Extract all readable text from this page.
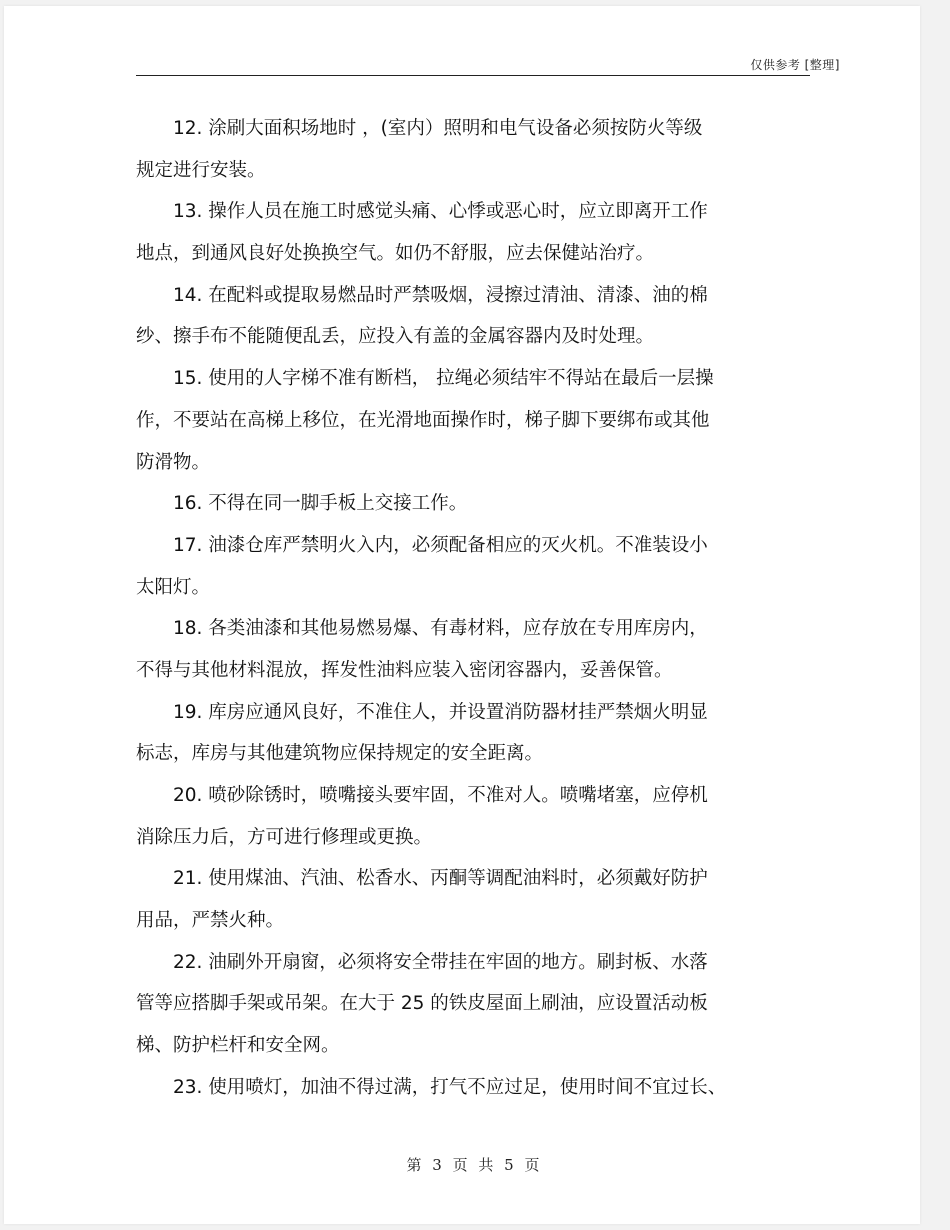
仅供参考 [整理]
　　12. 涂刷大面积场地时 ，(室内）照明和电气设备必须按防火等级
规定进行安装。
　　13. 操作人员在施工时感觉头痛、心悸或恶心时，应立即离开工作
地点，到通风良好处换换空气。如仍不舒服，应去保健站治疗。
　　14. 在配料或提取易燃品时严禁吸烟，浸擦过清油、清漆、油的棉
纱、擦手布不能随便乱丢，应投入有盖的金属容器内及时处理。
　　15. 使用的人字梯不准有断档， 拉绳必须结牢不得站在最后一层操
作，不要站在高梯上移位，在光滑地面操作时，梯子脚下要绑布或其他
防滑物。
　　16. 不得在同一脚手板上交接工作。
　　17. 油漆仓库严禁明火入内，必须配备相应的灭火机。不准装设小
太阳灯。
　　18. 各类油漆和其他易燃易爆、有毒材料，应存放在专用库房内，
不得与其他材料混放，挥发性油料应装入密闭容器内，妥善保管。
　　19. 库房应通风良好，不准住人，并设置消防器材挂严禁烟火明显
标志，库房与其他建筑物应保持规定的安全距离。
　　20. 喷砂除锈时，喷嘴接头要牢固，不准对人。喷嘴堵塞，应停机
消除压力后，方可进行修理或更换。
　　21. 使用煤油、汽油、松香水、丙酮等调配油料时，必须戴好防护
用品，严禁火种。
　　22. 油刷外开扇窗，必须将安全带挂在牢固的地方。刷封板、水落
管等应搭脚手架或吊架。在大于 25 的铁皮屋面上刷油，应设置活动板
梯、防护栏杆和安全网。
　　23. 使用喷灯，加油不得过满，打气不应过足，使用时间不宜过长、
第 3 页 共 5 页
